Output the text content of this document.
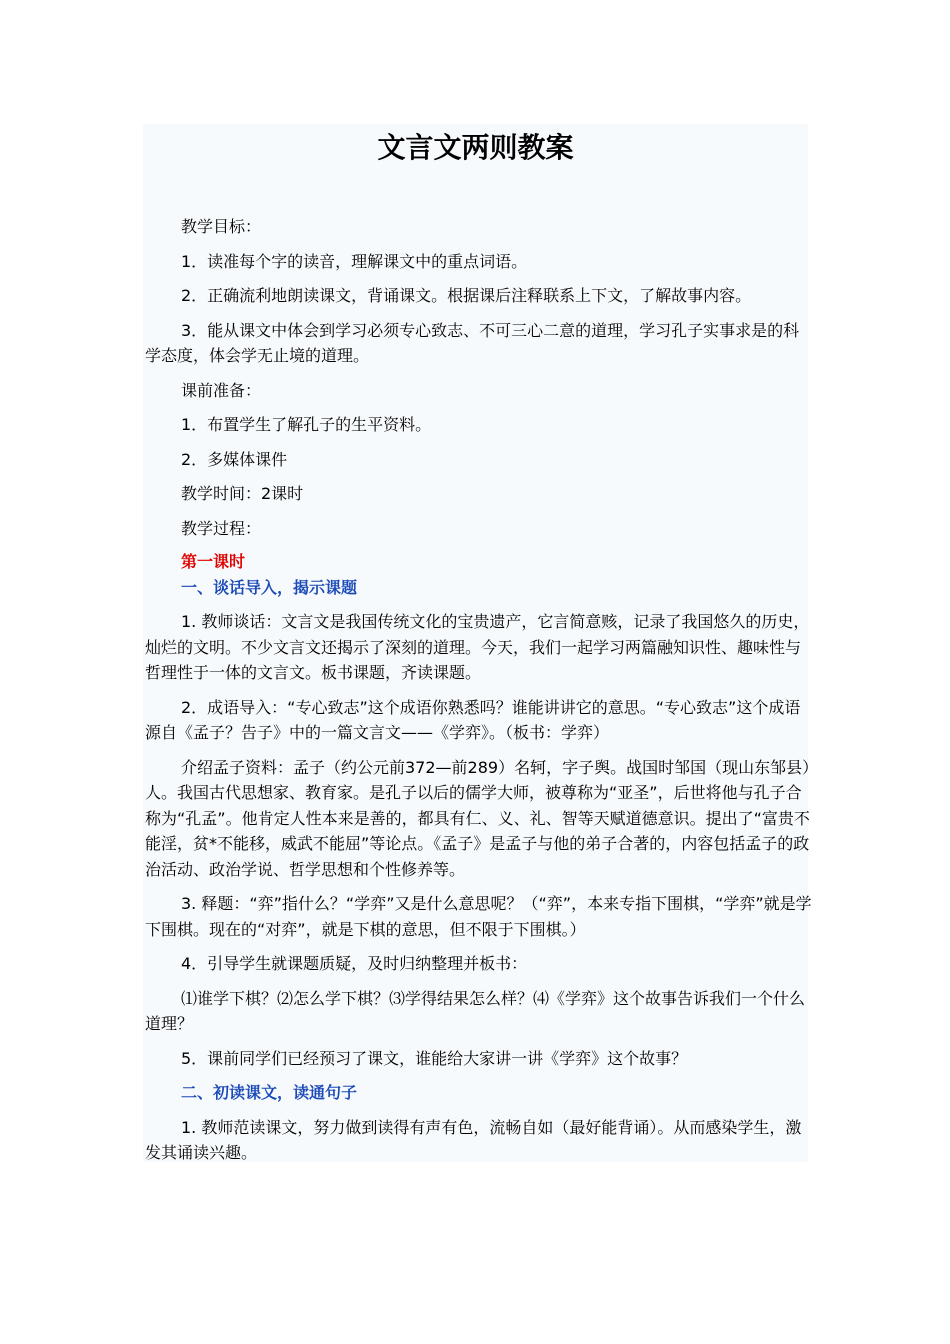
文言文两则教案

教学目标：

1．读准每个字的读音，理解课文中的重点词语。

2．正确流利地朗读课文，背诵课文。根据课后注释联系上下文，了解故事内容。

3．能从课文中体会到学习必须专心致志、不可三心二意的道理，学习孔子实事求是的科学态度，体会学无止境的道理。

课前准备：

1．布置学生了解孔子的生平资料。

2．多媒体课件

教学时间：2课时

教学过程：

第一课时

一、谈话导入，揭示课题

1. 教师谈话：文言文是我国传统文化的宝贵遗产，它言简意赅，记录了我国悠久的历史，灿烂的文明。不少文言文还揭示了深刻的道理。今天，我们一起学习两篇融知识性、趣味性与哲理性于一体的文言文。板书课题，齐读课题。

2．成语导入：“专心致志”这个成语你熟悉吗？谁能讲讲它的意思。“专心致志”这个成语源自《孟子？告子》中的一篇文言文——《学弈》。（板书：学弈）

介绍孟子资料：孟子（约公元前372—前289）名轲，字子舆。战国时邹国（现山东邹县）人。我国古代思想家、教育家。是孔子以后的儒学大师，被尊称为“亚圣”，后世将他与孔子合称为“孔孟”。他肯定人性本来是善的，都具有仁、义、礼、智等天赋道德意识。提出了“富贵不能淫，贫*不能移，威武不能屈”等论点。《孟子》是孟子与他的弟子合著的，内容包括孟子的政治活动、政治学说、哲学思想和个性修养等。

3. 释题：“弈”指什么？“学弈”又是什么意思呢？（“弈”，本来专指下围棋，“学弈”就是学下围棋。现在的“对弈”，就是下棋的意思，但不限于下围棋。）

4．引导学生就课题质疑，及时归纳整理并板书：

⑴谁学下棋？⑵怎么学下棋？⑶学得结果怎么样？⑷《学弈》这个故事告诉我们一个什么道理？

5．课前同学们已经预习了课文，谁能给大家讲一讲《学弈》这个故事？

二、初读课文，读通句子

1. 教师范读课文，努力做到读得有声有色，流畅自如（最好能背诵）。从而感染学生，激发其诵读兴趣。
